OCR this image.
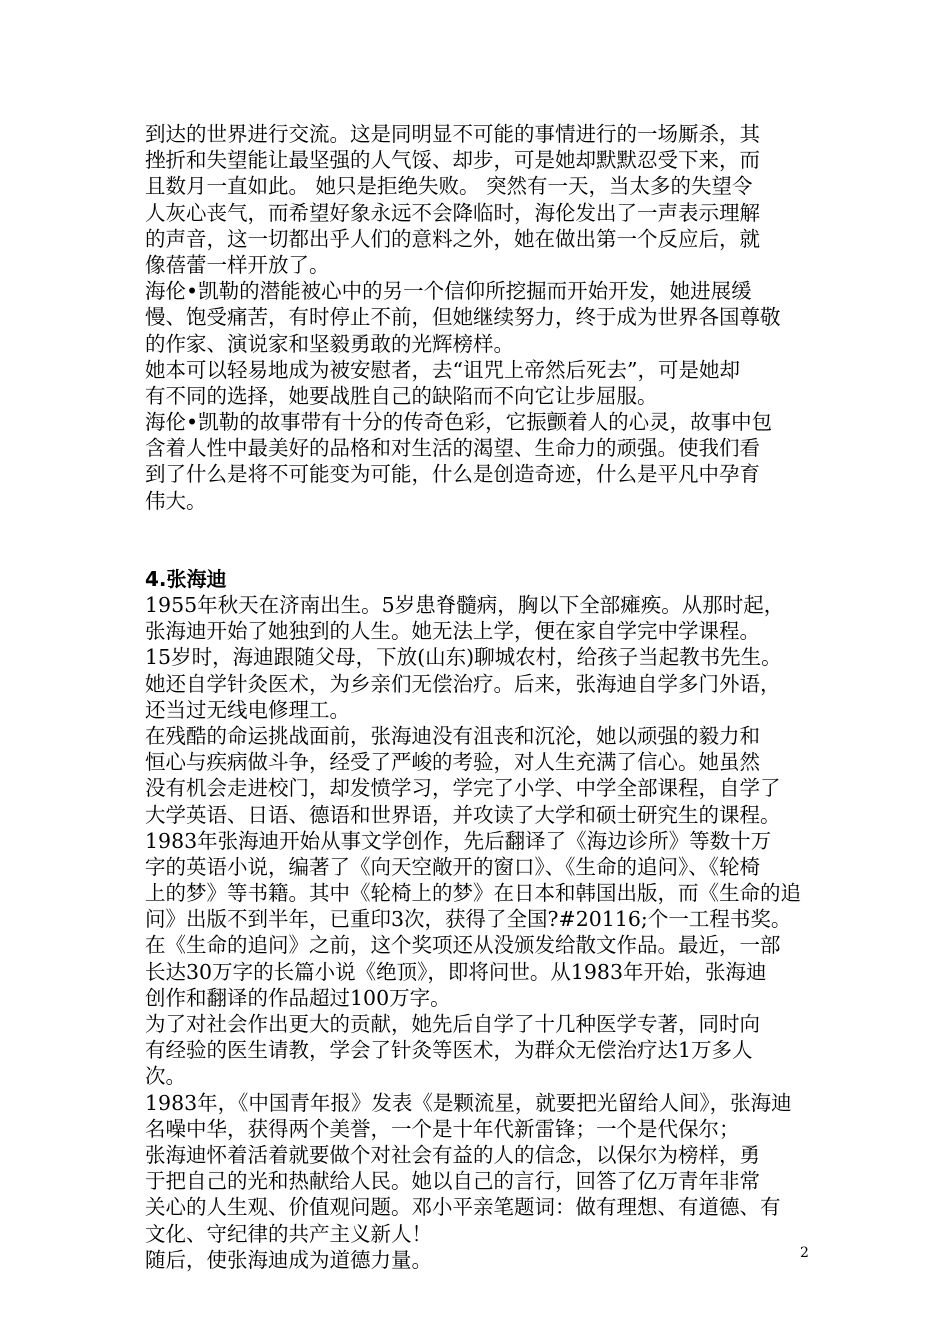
到达的世界进行交流。这是同明显不可能的事情进行的一场厮杀，其
挫折和失望能让最坚强的人气馁、却步，可是她却默默忍受下来，而
且数月一直如此。 她只是拒绝失败。 突然有一天，当太多的失望令
人灰心丧气，而希望好象永远不会降临时，海伦发出了一声表示理解
的声音，这一切都出乎人们的意料之外，她在做出第一个反应后，就
像蓓蕾一样开放了。
海伦•凯勒的潜能被心中的另一个信仰所挖掘而开始开发，她进展缓
慢、饱受痛苦，有时停止不前，但她继续努力，终于成为世界各国尊敬
的作家、演说家和坚毅勇敢的光辉榜样。
她本可以轻易地成为被安慰者，去“诅咒上帝然后死去”，可是她却
有不同的选择，她要战胜自己的缺陷而不向它让步屈服。
海伦•凯勒的故事带有十分的传奇色彩，它振颤着人的心灵，故事中包
含着人性中最美好的品格和对生活的渴望、生命力的顽强。使我们看
到了什么是将不可能变为可能，什么是创造奇迹，什么是平凡中孕育
伟大。
4.张海迪
1955年秋天在济南出生。5岁患脊髓病，胸以下全部瘫痪。从那时起，
张海迪开始了她独到的人生。她无法上学，便在家自学完中学课程。
15岁时，海迪跟随父母，下放(山东)聊城农村，给孩子当起教书先生。
她还自学针灸医术，为乡亲们无偿治疗。后来，张海迪自学多门外语，
还当过无线电修理工。
在残酷的命运挑战面前，张海迪没有沮丧和沉沦，她以顽强的毅力和
恒心与疾病做斗争，经受了严峻的考验，对人生充满了信心。她虽然
没有机会走进校门，却发愤学习，学完了小学、中学全部课程，自学了
大学英语、日语、德语和世界语，并攻读了大学和硕士研究生的课程。
1983年张海迪开始从事文学创作，先后翻译了《海边诊所》等数十万
字的英语小说，编著了《向天空敞开的窗口》、《生命的追问》、《轮椅
上的梦》等书籍。其中《轮椅上的梦》在日本和韩国出版，而《生命的追
问》出版不到半年，已重印3次，获得了全国?#20116;个一工程书奖。
在《生命的追问》之前，这个奖项还从没颁发给散文作品。最近，一部
长达30万字的长篇小说《绝顶》，即将问世。从1983年开始，张海迪
创作和翻译的作品超过100万字。
为了对社会作出更大的贡献，她先后自学了十几种医学专著，同时向
有经验的医生请教，学会了针灸等医术，为群众无偿治疗达1万多人
次。
1983年，《中国青年报》发表《是颗流星，就要把光留给人间》，张海迪
名噪中华，获得两个美誉，一个是十年代新雷锋；一个是代保尔；
张海迪怀着活着就要做个对社会有益的人的信念，以保尔为榜样，勇
于把自己的光和热献给人民。她以自己的言行，回答了亿万青年非常
关心的人生观、价值观问题。邓小平亲笔题词：做有理想、有道德、有
文化、守纪律的共产主义新人！
随后，使张海迪成为道德力量。	2
